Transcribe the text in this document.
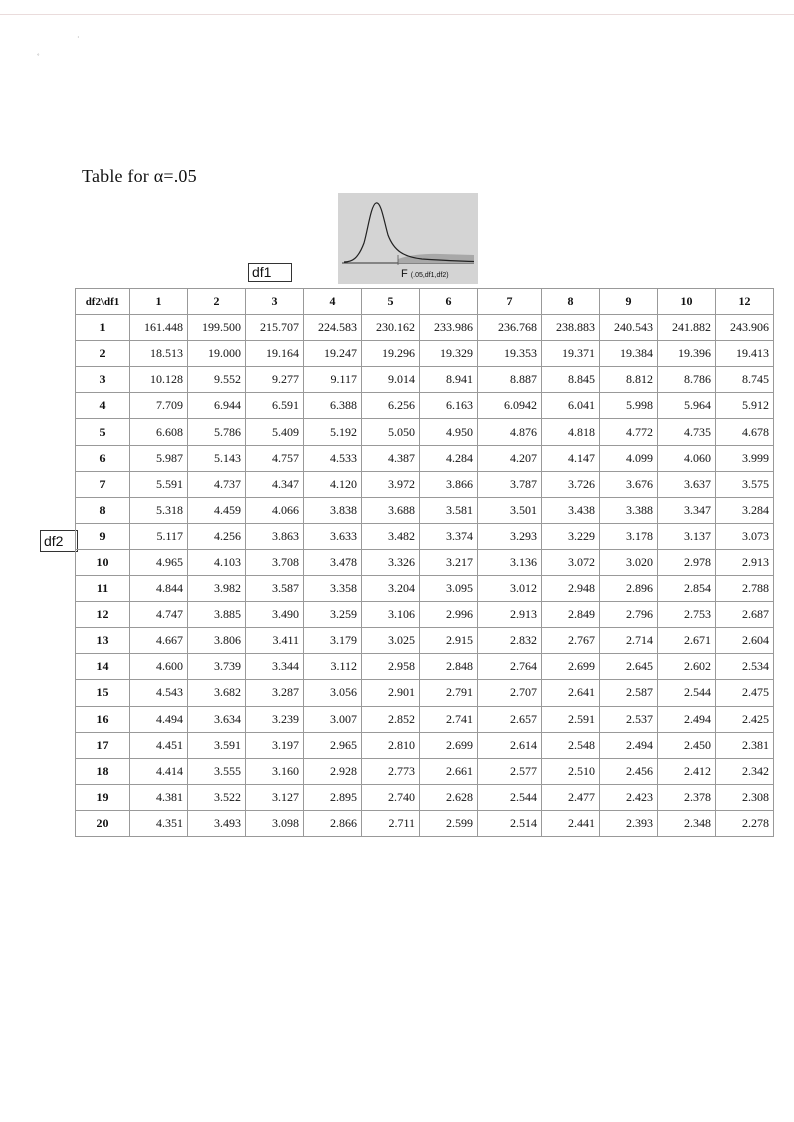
·
˚
Table for α=.05
df1	F (.05,df1,df2)
df2
df2\df1	1	2	3	4	5	6	7	8	9	10	12
1	161.448	199.500	215.707	224.583	230.162	233.986	236.768	238.883	240.543	241.882	243.906
2	18.513	19.000	19.164	19.247	19.296	19.329	19.353	19.371	19.384	19.396	19.413
3	10.128	9.552	9.277	9.117	9.014	8.941	8.887	8.845	8.812	8.786	8.745
4	7.709	6.944	6.591	6.388	6.256	6.163	6.0942	6.041	5.998	5.964	5.912
5	6.608	5.786	5.409	5.192	5.050	4.950	4.876	4.818	4.772	4.735	4.678
6	5.987	5.143	4.757	4.533	4.387	4.284	4.207	4.147	4.099	4.060	3.999
7	5.591	4.737	4.347	4.120	3.972	3.866	3.787	3.726	3.676	3.637	3.575
8	5.318	4.459	4.066	3.838	3.688	3.581	3.501	3.438	3.388	3.347	3.284
9	5.117	4.256	3.863	3.633	3.482	3.374	3.293	3.229	3.178	3.137	3.073
10	4.965	4.103	3.708	3.478	3.326	3.217	3.136	3.072	3.020	2.978	2.913
11	4.844	3.982	3.587	3.358	3.204	3.095	3.012	2.948	2.896	2.854	2.788
12	4.747	3.885	3.490	3.259	3.106	2.996	2.913	2.849	2.796	2.753	2.687
13	4.667	3.806	3.411	3.179	3.025	2.915	2.832	2.767	2.714	2.671	2.604
14	4.600	3.739	3.344	3.112	2.958	2.848	2.764	2.699	2.645	2.602	2.534
15	4.543	3.682	3.287	3.056	2.901	2.791	2.707	2.641	2.587	2.544	2.475
16	4.494	3.634	3.239	3.007	2.852	2.741	2.657	2.591	2.537	2.494	2.425
17	4.451	3.591	3.197	2.965	2.810	2.699	2.614	2.548	2.494	2.450	2.381
18	4.414	3.555	3.160	2.928	2.773	2.661	2.577	2.510	2.456	2.412	2.342
19	4.381	3.522	3.127	2.895	2.740	2.628	2.544	2.477	2.423	2.378	2.308
20	4.351	3.493	3.098	2.866	2.711	2.599	2.514	2.441	2.393	2.348	2.278
